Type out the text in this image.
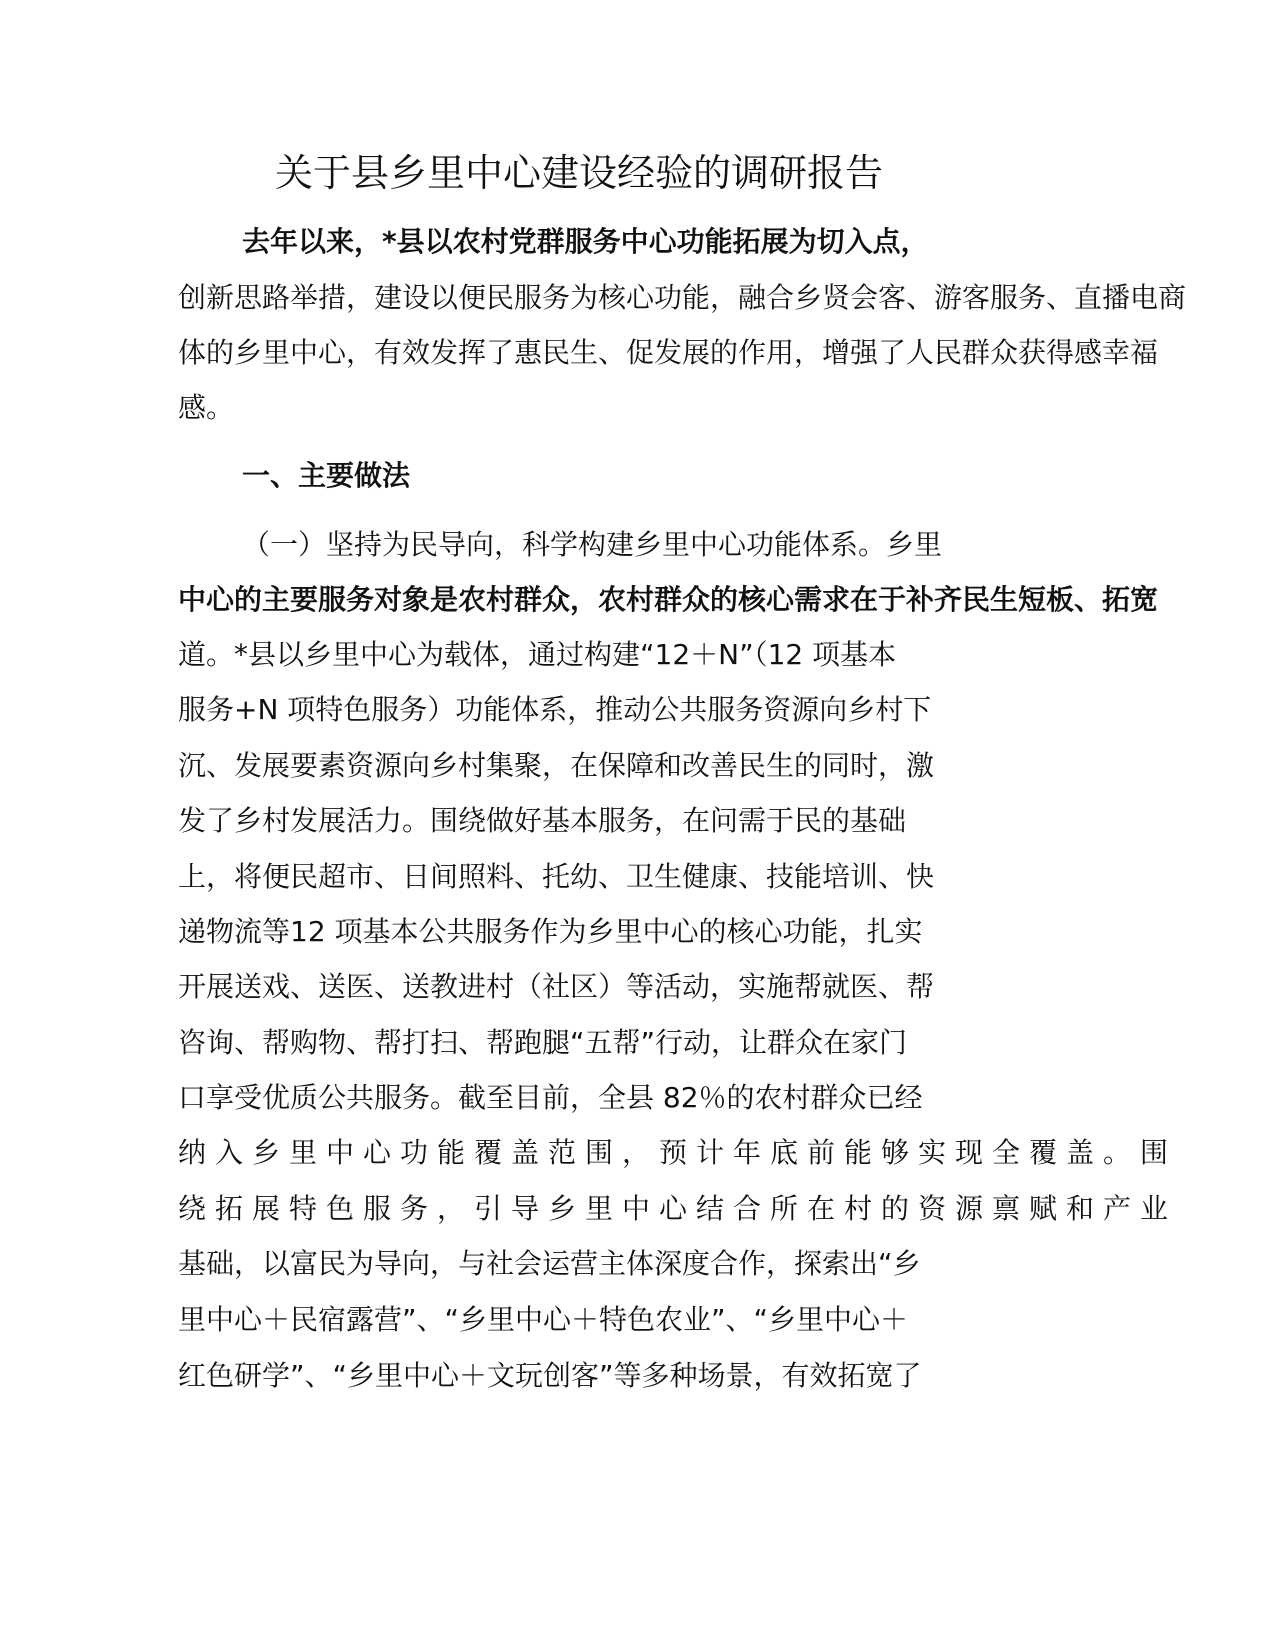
关于县乡里中心建设经验的调研报告
去年以来，*县以农村党群服务中心功能拓展为切入点，
创新思路举措，建设以便民服务为核心功能，融合乡贤会客、游客服务、直播电商
体的乡里中心，有效发挥了惠民生、促发展的作用，增强了人民群众获得感幸福
感。
一、主要做法
（一）坚持为民导向，科学构建乡里中心功能体系。乡里
中心的主要服务对象是农村群众，农村群众的核心需求在于补齐民生短板、拓宽
道。*县以乡里中心为载体，通过构建“12＋N”（12 项基本
服务+N 项特色服务）功能体系，推动公共服务资源向乡村下
沉、发展要素资源向乡村集聚，在保障和改善民生的同时，激
发了乡村发展活力。围绕做好基本服务，在问需于民的基础
上，将便民超市、日间照料、托幼、卫生健康、技能培训、快
递物流等12 项基本公共服务作为乡里中心的核心功能，扎实
开展送戏、送医、送教进村（社区）等活动，实施帮就医、帮
咨询、帮购物、帮打扫、帮跑腿“五帮”行动，让群众在家门
口享受优质公共服务。截至目前，全县 82％的农村群众已经
纳入乡里中心功能覆盖范围，预计年底前能够实现全覆盖。围
绕拓展特色服务，引导乡里中心结合所在村的资源禀赋和产业
基础，以富民为导向，与社会运营主体深度合作，探索出“乡
里中心＋民宿露营”、“乡里中心＋特色农业”、“乡里中心＋
红色研学”、“乡里中心＋文玩创客”等多种场景，有效拓宽了
